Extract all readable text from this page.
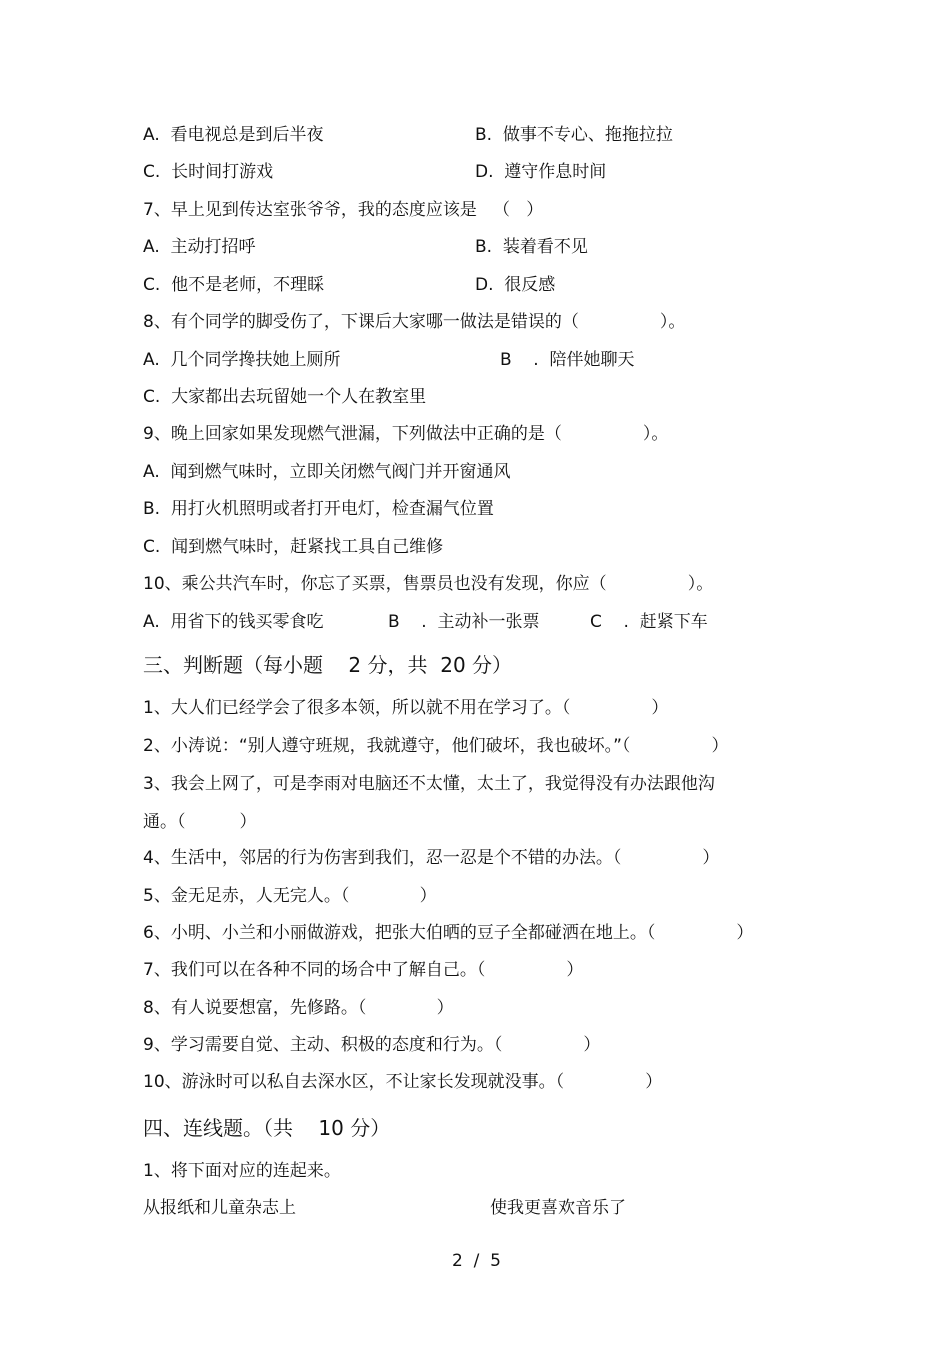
A.  看电视总是到后半夜	B.  做事不专心、拖拖拉拉
C.  长时间打游戏	D.  遵守作息时间
7、早上见到传达室张爷爷，我的态度应该是   （   ）
A.  主动打招呼	B.  装着看不见
C.  他不是老师，不理睬	D.  很反感
8、有个同学的脚受伤了，下课后大家哪一做法是错误的（               ）。
A.  几个同学搀扶她上厕所	B    .  陪伴她聊天
C.  大家都出去玩留她一个人在教室里
9、晚上回家如果发现燃气泄漏，下列做法中正确的是（               ）。
A.  闻到燃气味时，立即关闭燃气阀门并开窗通风
B.  用打火机照明或者打开电灯，检查漏气位置
C.  闻到燃气味时，赶紧找工具自己维修
10、乘公共汽车时，你忘了买票，售票员也没有发现，你应（               ）。
A.  用省下的钱买零食吃	B    .  主动补一张票	C    .  赶紧下车
三、判断题（每小题    2 分，共  20 分）
1、大人们已经学会了很多本领，所以就不用在学习了。（               ）
2、小涛说：“别人遵守班规，我就遵守，他们破坏，我也破坏。”（               ）
3、我会上网了，可是李雨对电脑还不太懂，太土了，我觉得没有办法跟他沟
通。（          ）
4、生活中，邻居的行为伤害到我们，忍一忍是个不错的办法。（               ）
5、金无足赤，人无完人。（             ）
6、小明、小兰和小丽做游戏，把张大伯晒的豆子全都碰洒在地上。（               ）
7、我们可以在各种不同的场合中了解自己。（               ）
8、有人说要想富，先修路。（             ）
9、学习需要自觉、主动、积极的态度和行为。（               ）
10、游泳时可以私自去深水区，不让家长发现就没事。（               ）
四、连线题。（共    10 分）
1、将下面对应的连起来。
从报纸和儿童杂志上	使我更喜欢音乐了
2  /  5
